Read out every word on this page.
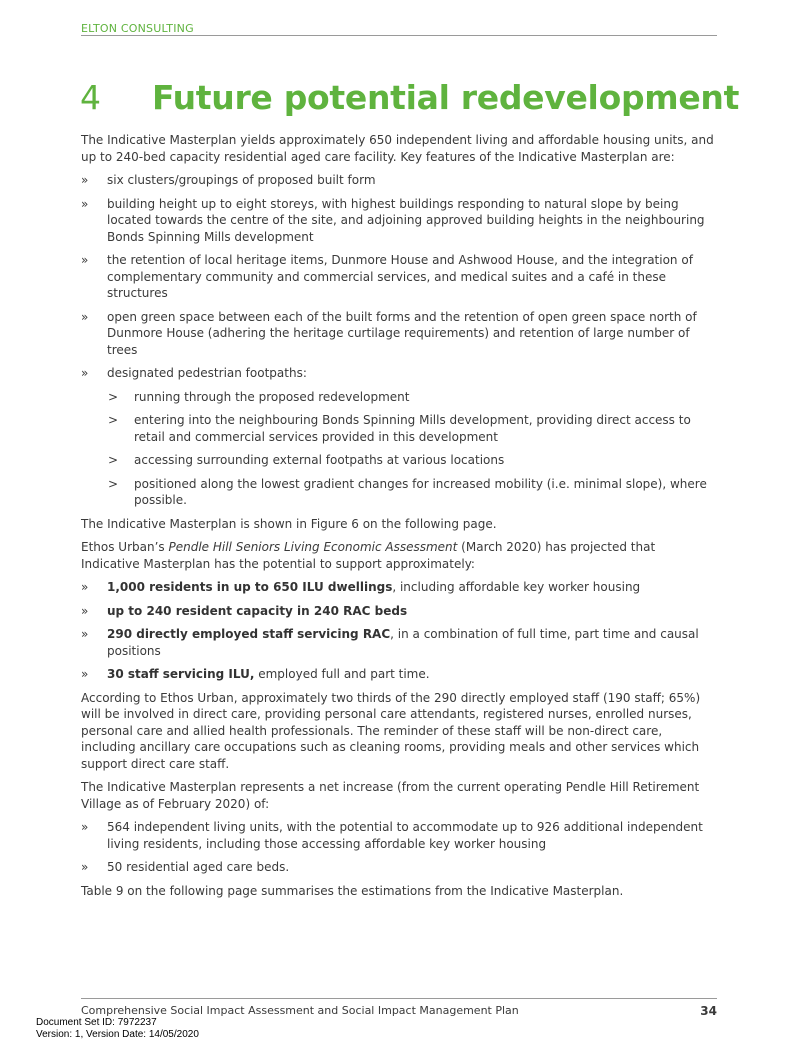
ELTON CONSULTING
4 Future potential redevelopment

The Indicative Masterplan yields approximately 650 independent living and affordable housing units, and up to 240-bed capacity residential aged care facility. Key features of the Indicative Masterplan are:

»	six clusters/groupings of proposed built form
»	building height up to eight storeys, with highest buildings responding to natural slope by being located towards the centre of the site, and adjoining approved building heights in the neighbouring Bonds Spinning Mills development
»	the retention of local heritage items, Dunmore House and Ashwood House, and the integration of complementary community and commercial services, and medical suites and a café in these structures
»	open green space between each of the built forms and the retention of open green space north of Dunmore House (adhering the heritage curtilage requirements) and retention of large number of trees
»	designated pedestrian footpaths:
>	running through the proposed redevelopment
>	entering into the neighbouring Bonds Spinning Mills development, providing direct access to retail and commercial services provided in this development
>	accessing surrounding external footpaths at various locations
>	positioned along the lowest gradient changes for increased mobility (i.e. minimal slope), where possible.

The Indicative Masterplan is shown in Figure 6 on the following page.

Ethos Urban’s Pendle Hill Seniors Living Economic Assessment (March 2020) has projected that Indicative Masterplan has the potential to support approximately:

»	1,000 residents in up to 650 ILU dwellings, including affordable key worker housing
»	up to 240 resident capacity in 240 RAC beds
»	290 directly employed staff servicing RAC, in a combination of full time, part time and causal positions
»	30 staff servicing ILU, employed full and part time.

According to Ethos Urban, approximately two thirds of the 290 directly employed staff (190 staff; 65%) will be involved in direct care, providing personal care attendants, registered nurses, enrolled nurses, personal care and allied health professionals. The reminder of these staff will be non-direct care, including ancillary care occupations such as cleaning rooms, providing meals and other services which support direct care staff.

The Indicative Masterplan represents a net increase (from the current operating Pendle Hill Retirement Village as of February 2020) of:

»	564 independent living units, with the potential to accommodate up to 926 additional independent living residents, including those accessing affordable key worker housing
»	50 residential aged care beds.

Table 9 on the following page summarises the estimations from the Indicative Masterplan.

Comprehensive Social Impact Assessment and Social Impact Management Plan	34
Document Set ID: 7972237
Version: 1, Version Date: 14/05/2020
